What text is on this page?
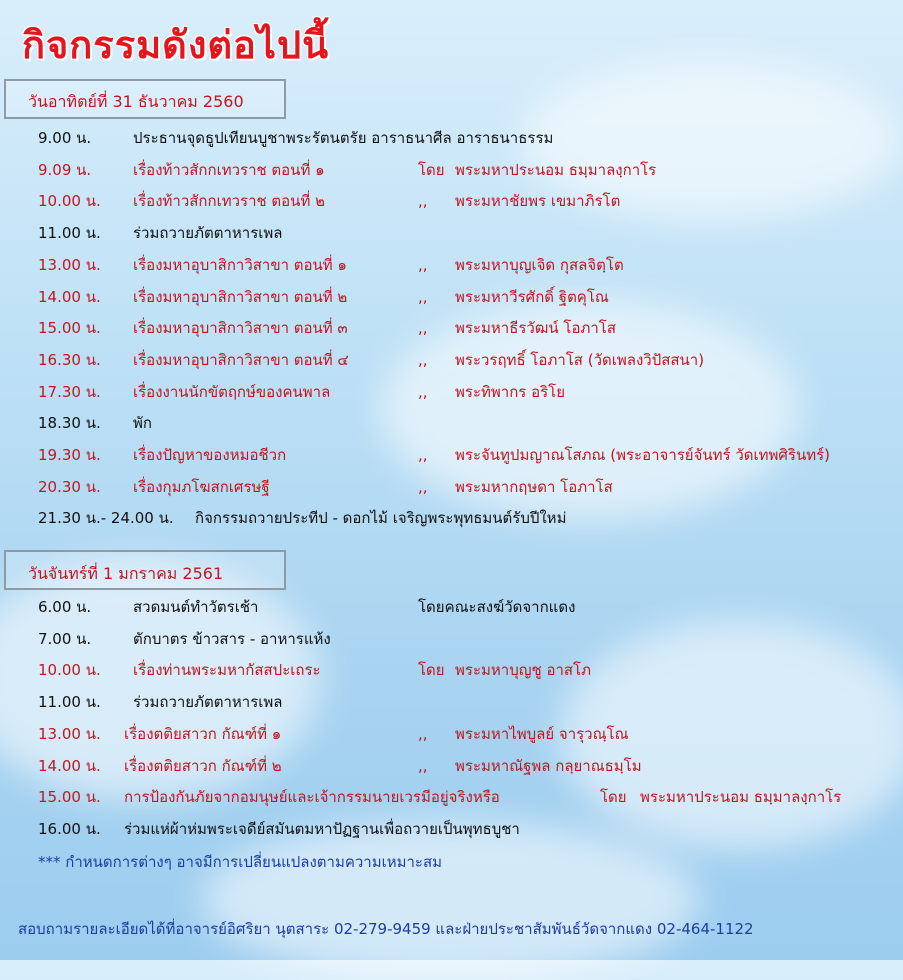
กิจกรรมดังต่อไปนี้
วันอาทิตย์ที่ 31 ธันวาคม 2560
9.00 น.	ประธานจุดธูปเทียนบูชาพระรัตนตรัย อาราธนาศีล อาราธนาธรรม
9.09 น.	เรื่องท้าวสักกเทวราช ตอนที่ ๑	โดย พระมหาประนอม ธมฺมาลงฺกาโร
10.00 น. เรื่องท้าวสักกเทวราช ตอนที่ ๒	,, พระมหาชัยพร เขมาภิรโต
11.00 น. ร่วมถวายภัตตาหารเพล
13.00 น. เรื่องมหาอุบาสิกาวิสาขา ตอนที่ ๑	,, พระมหาบุญเจิด กุสลจิตฺโต
14.00 น. เรื่องมหาอุบาสิกาวิสาขา ตอนที่ ๒	,, พระมหาวีรศักดิ์ ฐิตคุโณ
15.00 น. เรื่องมหาอุบาสิกาวิสาขา ตอนที่ ๓	,, พระมหาธีรวัฒน์ โอภาโส
16.30 น. เรื่องมหาอุบาสิกาวิสาขา ตอนที่ ๔	,, พระวรฤทธิ์ โอภาโส (วัดเพลงวิปัสสนา)
17.30 น. เรื่องงานนักขัตฤกษ์ของคนพาล	,, พระทิพากร อริโย
18.30 น. พัก
19.30 น. เรื่องปัญหาของหมอชีวก	,, พระจันทูปมญาณโสภณ (พระอาจารย์จันทร์ วัดเทพศิรินทร์)
20.30 น. เรื่องกุมภโฆสกเศรษฐี	,, พระมหากฤษดา โอภาโส
21.30 น.- 24.00 น. กิจกรรมถวายประทีป - ดอกไม้ เจริญพระพุทธมนต์รับปีใหม่
วันจันทร์ที่ 1 มกราคม 2561
6.00 น.	สวดมนต์ทำวัตรเช้า	โดยคณะสงฆ์วัดจากแดง
7.00 น.	ตักบาตร ข้าวสาร - อาหารแห้ง
10.00 น. เรื่องท่านพระมหากัสสปะเถระ	โดย พระมหาบุญชู อาสโภ
11.00 น. ร่วมถวายภัตตาหารเพล
13.00 น. เรื่องตติยสาวก กัณฑ์ที่ ๑	,, พระมหาไพบูลย์ จารุวณฺโณ
14.00 น. เรื่องตติยสาวก กัณฑ์ที่ ๒	,, พระมหาณัฐพล กลฺยาณธมฺโม
15.00 น. การป้องกันภัยจากอมนุษย์และเจ้ากรรมนายเวรมีอยู่จริงหรือ	โดย พระมหาประนอม ธมฺมาลงฺกาโร
16.00 น. ร่วมแห่ผ้าห่มพระเจดีย์สมันตมหาปัฏฐานเพื่อถวายเป็นพุทธบูชา
*** กำหนดการต่างๆ อาจมีการเปลี่ยนแปลงตามความเหมาะสม
สอบถามรายละเอียดได้ที่อาจารย์อิศริยา นุตสาระ 02-279-9459 และฝ่ายประชาสัมพันธ์วัดจากแดง 02-464-1122
